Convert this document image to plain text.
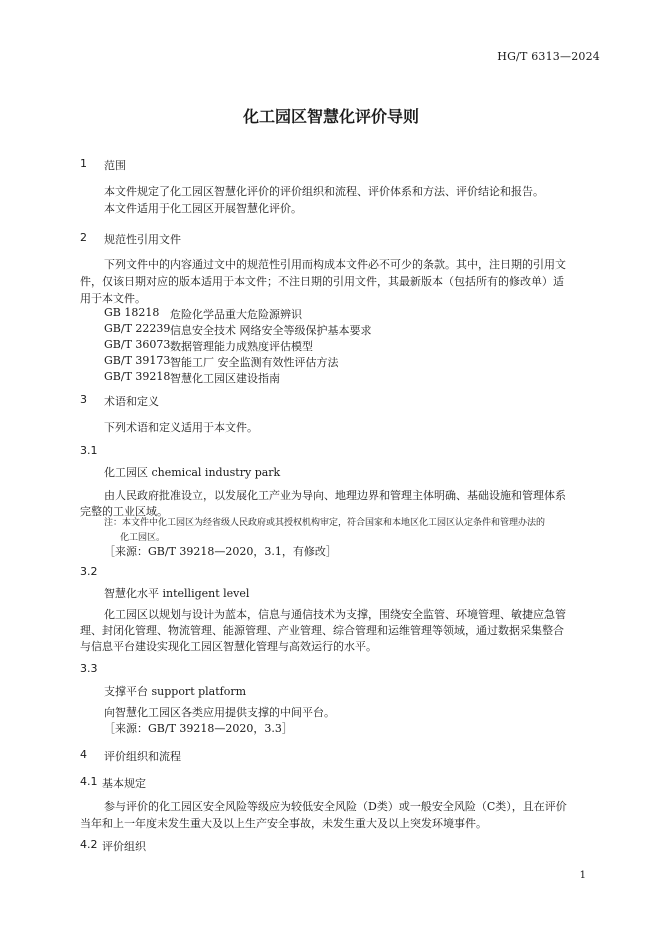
HG/T 6313—2024
化工园区智慧化评价导则
1 范围
本文件规定了化工园区智慧化评价的评价组织和流程、评价体系和方法、评价结论和报告。
本文件适用于化工园区开展智慧化评价。
2 规范性引用文件
下列文件中的内容通过文中的规范性引用而构成本文件必不可少的条款。其中，注日期的引用文
件，仅该日期对应的版本适用于本文件；不注日期的引用文件，其最新版本（包括所有的修改单）适
用于本文件。
GB 18218 危险化学品重大危险源辨识
GB/T 22239 信息安全技术 网络安全等级保护基本要求
GB/T 36073 数据管理能力成熟度评估模型
GB/T 39173 智能工厂 安全监测有效性评估方法
GB/T 39218 智慧化工园区建设指南
3 术语和定义
下列术语和定义适用于本文件。
3.1
化工园区 chemical industry park
由人民政府批准设立，以发展化工产业为导向、地理边界和管理主体明确、基础设施和管理体系
完整的工业区域。
注：本文件中化工园区为经省级人民政府或其授权机构审定，符合国家和本地区化工园区认定条件和管理办法的
化工园区。
［来源：GB/T 39218—2020，3.1，有修改］
3.2
智慧化水平 intelligent level
化工园区以规划与设计为蓝本，信息与通信技术为支撑，围绕安全监管、环境管理、敏捷应急管
理、封闭化管理、物流管理、能源管理、产业管理、综合管理和运维管理等领域，通过数据采集整合
与信息平台建设实现化工园区智慧化管理与高效运行的水平。
3.3
支撑平台 support platform
向智慧化工园区各类应用提供支撑的中间平台。
［来源：GB/T 39218—2020，3.3］
4 评价组织和流程
4.1 基本规定
参与评价的化工园区安全风险等级应为较低安全风险（D类）或一般安全风险（C类），且在评价
当年和上一年度未发生重大及以上生产安全事故，未发生重大及以上突发环境事件。
4.2 评价组织
1
